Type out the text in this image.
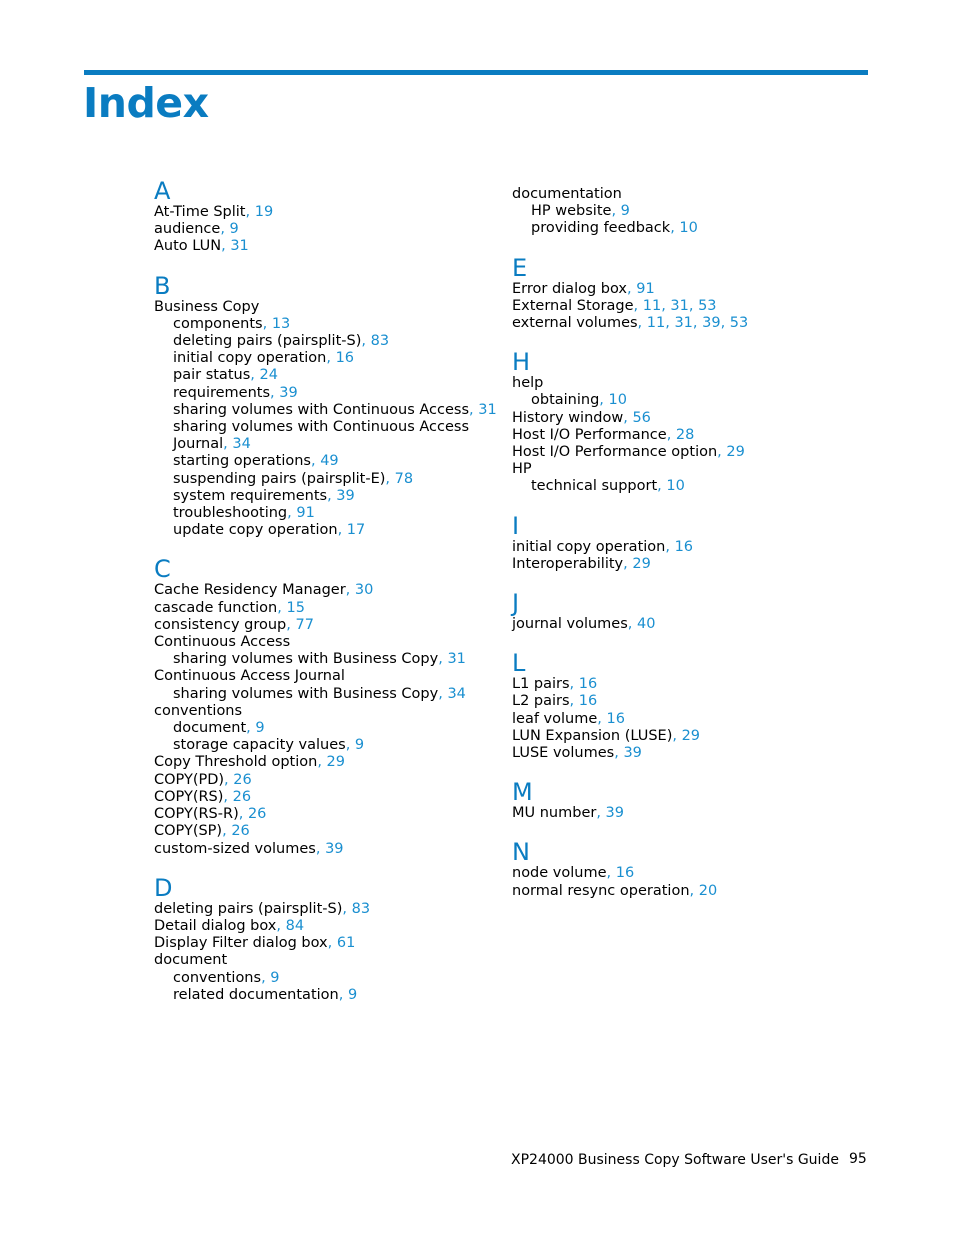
Index
A
At-Time Split, 19
audience, 9
Auto LUN, 31
B
Business Copy
components, 13
deleting pairs (pairsplit-S), 83
initial copy operation, 16
pair status, 24
requirements, 39
sharing volumes with Continuous Access, 31
sharing volumes with Continuous Access Journal, 34
starting operations, 49
suspending pairs (pairsplit-E), 78
system requirements, 39
troubleshooting, 91
update copy operation, 17
C
Cache Residency Manager, 30
cascade function, 15
consistency group, 77
Continuous Access
sharing volumes with Business Copy, 31
Continuous Access Journal
sharing volumes with Business Copy, 34
conventions
document, 9
storage capacity values, 9
Copy Threshold option, 29
COPY(PD), 26
COPY(RS), 26
COPY(RS-R), 26
COPY(SP), 26
custom-sized volumes, 39
D
deleting pairs (pairsplit-S), 83
Detail dialog box, 84
Display Filter dialog box, 61
document
conventions, 9
related documentation, 9
documentation
HP website, 9
providing feedback, 10
E
Error dialog box, 91
External Storage, 11, 31, 53
external volumes, 11, 31, 39, 53
H
help
obtaining, 10
History window, 56
Host I/O Performance, 28
Host I/O Performance option, 29
HP
technical support, 10
I
initial copy operation, 16
Interoperability, 29
J
journal volumes, 40
L
L1 pairs, 16
L2 pairs, 16
leaf volume, 16
LUN Expansion (LUSE), 29
LUSE volumes, 39
M
MU number, 39
N
node volume, 16
normal resync operation, 20
XP24000 Business Copy Software User's Guide 95
